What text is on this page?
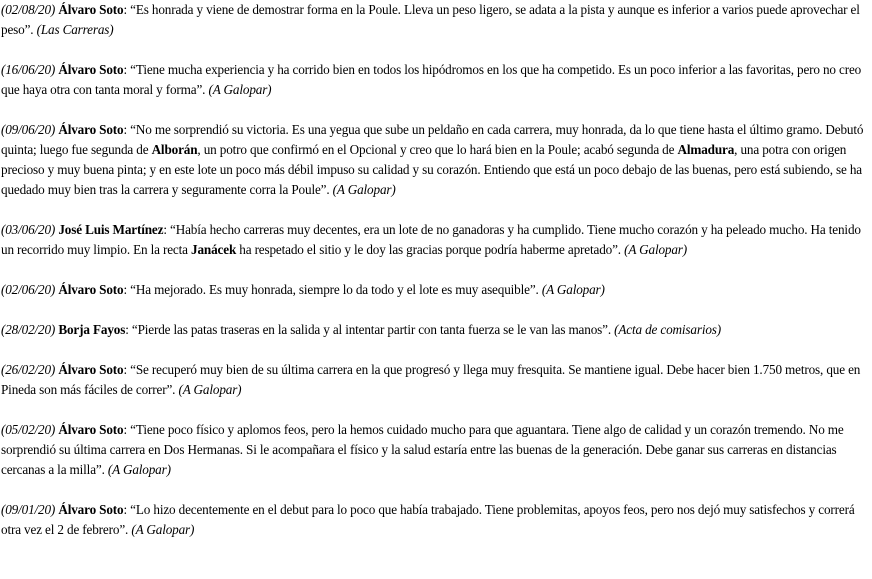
(02/08/20) Álvaro Soto: “Es honrada y viene de demostrar forma en la Poule. Lleva un peso ligero, se adata a la pista y aunque es inferior a varios puede aprovechar el peso”. (Las Carreras)

(16/06/20) Álvaro Soto: “Tiene mucha experiencia y ha corrido bien en todos los hipódromos en los que ha competido. Es un poco inferior a las favoritas, pero no creo que haya otra con tanta moral y forma”. (A Galopar)

(09/06/20) Álvaro Soto: “No me sorprendió su victoria. Es una yegua que sube un peldaño en cada carrera, muy honrada, da lo que tiene hasta el último gramo. Debutó quinta; luego fue segunda de Alborán, un potro que confirmó en el Opcional y creo que lo hará bien en la Poule; acabó segunda de Almadura, una potra con origen precioso y muy buena pinta; y en este lote un poco más débil impuso su calidad y su corazón. Entiendo que está un poco debajo de las buenas, pero está subiendo, se ha quedado muy bien tras la carrera y seguramente corra la Poule”. (A Galopar)

(03/06/20) José Luis Martínez: “Había hecho carreras muy decentes, era un lote de no ganadoras y ha cumplido. Tiene mucho corazón y ha peleado mucho. Ha tenido un recorrido muy limpio. En la recta Janácek ha respetado el sitio y le doy las gracias porque podría haberme apretado”. (A Galopar)

(02/06/20) Álvaro Soto: “Ha mejorado. Es muy honrada, siempre lo da todo y el lote es muy asequible”. (A Galopar)

(28/02/20) Borja Fayos: “Pierde las patas traseras en la salida y al intentar partir con tanta fuerza se le van las manos”. (Acta de comisarios)

(26/02/20) Álvaro Soto: “Se recuperó muy bien de su última carrera en la que progresó y llega muy fresquita. Se mantiene igual. Debe hacer bien 1.750 metros, que en Pineda son más fáciles de correr”. (A Galopar)

(05/02/20) Álvaro Soto: “Tiene poco físico y aplomos feos, pero la hemos cuidado mucho para que aguantara. Tiene algo de calidad y un corazón tremendo. No me sorprendió su última carrera en Dos Hermanas. Si le acompañara el físico y la salud estaría entre las buenas de la generación. Debe ganar sus carreras en distancias cercanas a la milla”. (A Galopar)

(09/01/20) Álvaro Soto: “Lo hizo decentemente en el debut para lo poco que había trabajado. Tiene problemitas, apoyos feos, pero nos dejó muy satisfechos y correrá otra vez el 2 de febrero”. (A Galopar)
